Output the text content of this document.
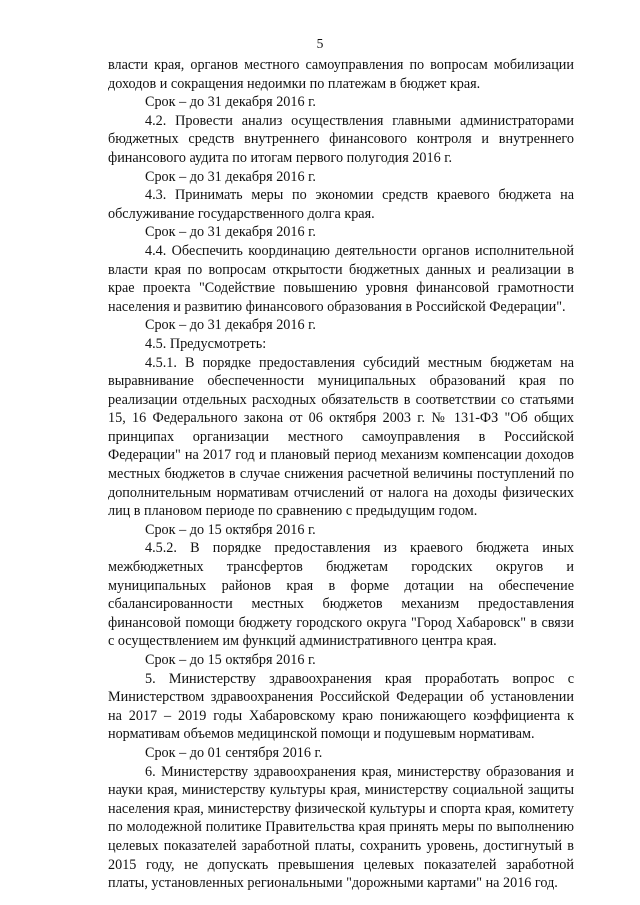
5

власти края, органов местного самоуправления по вопросам мобилизации доходов и сокращения недоимки по платежам в бюджет края.

Срок – до 31 декабря 2016 г.

4.2. Провести анализ осуществления главными администраторами бюджетных средств внутреннего финансового контроля и внутреннего финансового аудита по итогам первого полугодия 2016 г.

Срок – до 31 декабря 2016 г.

4.3. Принимать меры по экономии средств краевого бюджета на обслуживание государственного долга края.

Срок – до 31 декабря 2016 г.

4.4. Обеспечить координацию деятельности органов исполнительной власти края по вопросам открытости бюджетных данных и реализации в крае проекта "Содействие повышению уровня финансовой грамотности населения и развитию финансового образования в Российской Федерации".

Срок – до 31 декабря 2016 г.

4.5. Предусмотреть:

4.5.1. В порядке предоставления субсидий местным бюджетам на выравнивание обеспеченности муниципальных образований края по реализации отдельных расходных обязательств в соответствии со статьями 15, 16 Федерального закона от 06 октября 2003 г. № 131-ФЗ "Об общих принципах организации местного самоуправления в Российской Федерации" на 2017 год и плановый период механизм компенсации доходов местных бюджетов в случае снижения расчетной величины поступлений по дополнительным нормативам отчислений от налога на доходы физических лиц в плановом периоде по сравнению с предыдущим годом.

Срок – до 15 октября 2016 г.

4.5.2. В порядке предоставления из краевого бюджета иных межбюджетных трансфертов бюджетам городских округов и муниципальных районов края в форме дотации на обеспечение сбалансированности местных бюджетов механизм предоставления финансовой помощи бюджету городского округа "Город Хабаровск" в связи с осуществлением им функций административного центра края.

Срок – до 15 октября 2016 г.

5. Министерству здравоохранения края проработать вопрос с Министерством здравоохранения Российской Федерации об установлении на 2017 – 2019 годы Хабаровскому краю понижающего коэффициента к нормативам объемов медицинской помощи и подушевым нормативам.

Срок – до 01 сентября 2016 г.

6. Министерству здравоохранения края, министерству образования и науки края, министерству культуры края, министерству социальной защиты населения края, министерству физической культуры и спорта края, комитету по молодежной политике Правительства края принять меры по выполнению целевых показателей заработной платы, сохранить уровень, достигнутый в 2015 году, не допускать превышения целевых показателей заработной платы, установленных региональными "дорожными картами" на 2016 год.
